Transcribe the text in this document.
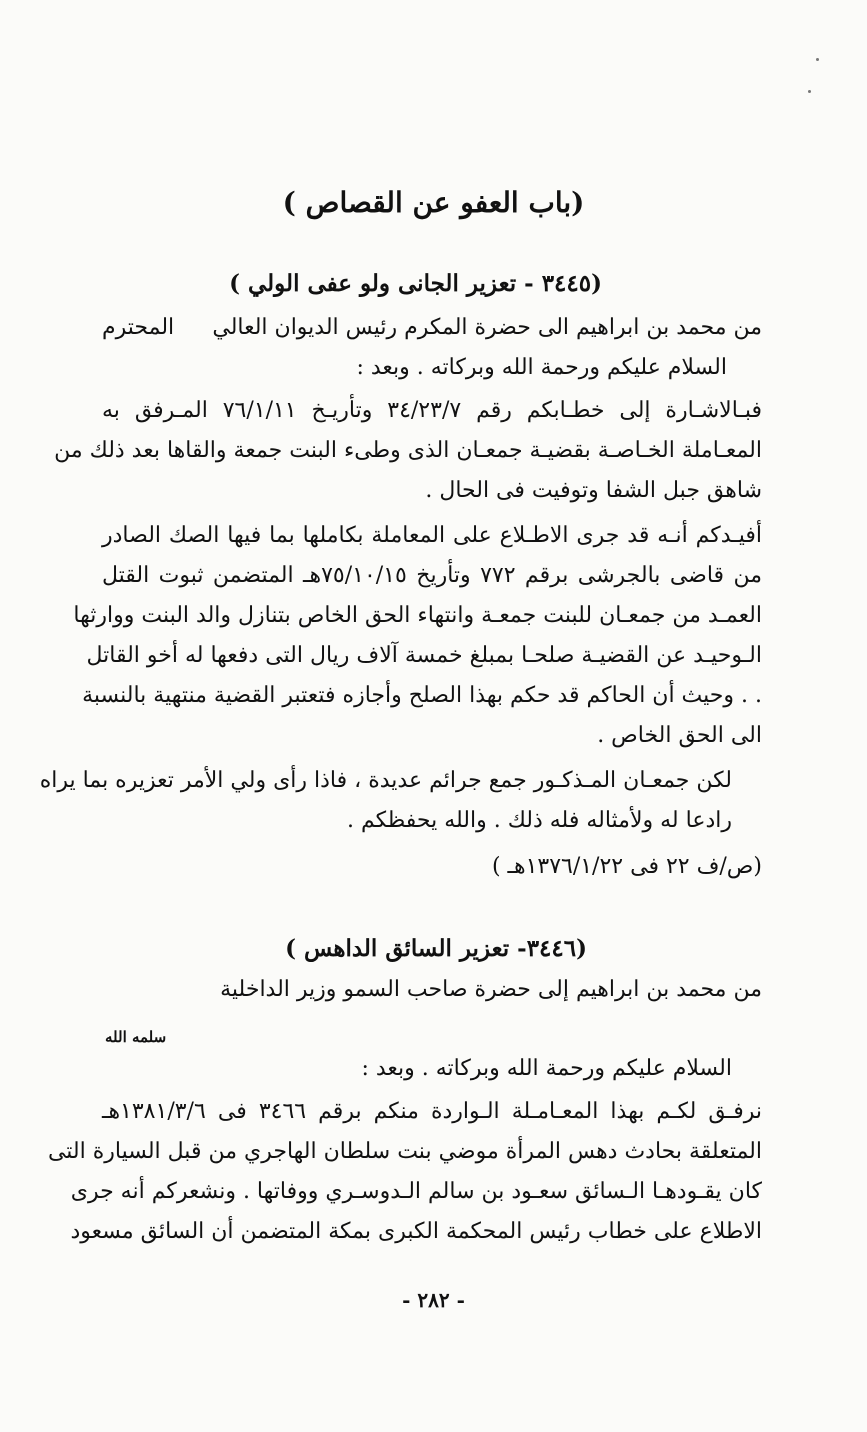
(باب العفو عن القصاص )
(٣٤٤٥ - تعزير الجانى ولو عفى الولي )
من محمد بن ابراهيم الى حضرة المكرم رئيس الديوان العالي
المحترم
السلام عليكم ورحمة الله وبركاته . وبعد :
فبـالاشـارة إلى خطـابكم رقم ٣٤/٢٣/٧ وتأريـخ ٧٦/١/١١ المـرفق به
المعـاملة الخـاصـة بقضيـة جمعـان الذى وطىء البنت جمعة والقاها بعد ذلك من
شاهق جبل الشفا وتوفيت فى الحال .
أفيـدكم أنـه قد جرى الاطـلاع على المعاملة بكاملها بما فيها الصك الصادر
من قاضى بالجرشى برقم ٧٧٢ وتأريخ ٧٥/١٠/١٥هـ المتضمن ثبوت القتل
العمـد من جمعـان للبنت جمعـة وانتهاء الحق الخاص بتنازل والد البنت ووارثها
الـوحيـد عن القضيـة صلحـا بمبلغ خمسة آلاف ريال التى دفعها له أخو القاتل
. . وحيث أن الحاكم قد حكم بهذا الصلح وأجازه فتعتبر القضية منتهية بالنسبة
الى الحق الخاص .
لكن جمعـان المـذكـور جمع جرائم عديدة ، فاذا رأى ولي الأمر تعزيره بما يراه
رادعا له ولأمثاله فله ذلك . والله يحفظكم .
(ص/ف ٢٢ فى ١٣٧٦/١/٢٢هـ )
(٣٤٤٦- تعزير السائق الداهس )
من محمد بن ابراهيم إلى حضرة صاحب السمو وزير الداخلية
سلمه الله
السلام عليكم ورحمة الله وبركاته . وبعد :
نرفـق لكـم بهذا المعـامـلة الـواردة منكم برقم ٣٤٦٦ فى ١٣٨١/٣/٦هـ
المتعلقة بحادث دهس المرأة موضي بنت سلطان الهاجري من قبل السيارة التى
كان يقـودهـا الـسائق سعـود بن سالم الـدوسـري ووفاتها . ونشعركم أنه جرى
الاطلاع على خطاب رئيس المحكمة الكبرى بمكة المتضمن أن السائق مسعود
- ٢٨٢ -
